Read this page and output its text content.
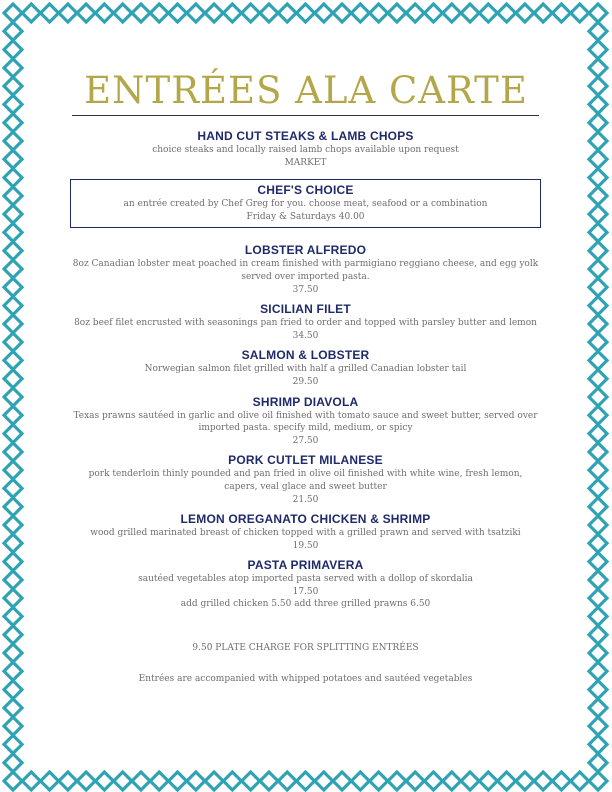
ENTRÉES ALA CARTE
HAND CUT STEAKS & LAMB CHOPS
choice steaks and locally raised lamb chops available upon request
MARKET
CHEF'S CHOICE
an entrée created by Chef Greg for you. choose meat, seafood or a combination
Friday & Saturdays 40.00
LOBSTER ALFREDO
8oz Canadian lobster meat poached in cream finished with parmigiano reggiano cheese, and egg yolk served over imported pasta.
37.50
SICILIAN FILET
8oz beef filet encrusted with seasonings pan fried to order and topped with parsley butter and lemon
34.50
SALMON & LOBSTER
Norwegian salmon filet grilled with half a grilled Canadian lobster tail
29.50
SHRIMP DIAVOLA
Texas prawns sautéed in garlic and olive oil finished with tomato sauce and sweet butter, served over imported pasta. specify mild, medium, or spicy
27.50
PORK CUTLET MILANESE
pork tenderloin thinly pounded and pan fried in olive oil finished with white wine, fresh lemon, capers, veal glace and sweet butter
21.50
LEMON OREGANATO CHICKEN & SHRIMP
wood grilled marinated breast of chicken topped with a grilled prawn and served with tsatziki
19.50
PASTA PRIMAVERA
sautéed vegetables atop imported pasta served with a dollop of skordalia
17.50
add grilled chicken 5.50 add three grilled prawns 6.50
9.50 PLATE CHARGE FOR SPLITTING ENTRÉES
Entrées are accompanied with whipped potatoes and sautéed vegetables
